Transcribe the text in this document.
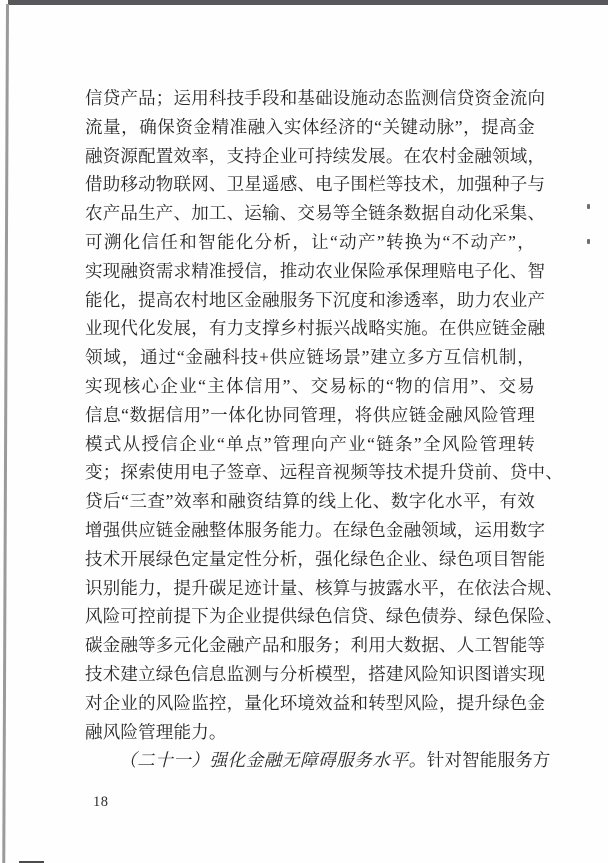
信贷产品；运用科技手段和基础设施动态监测信贷资金流向
流量，确保资金精准融入实体经济的“关键动脉”，提高金
融资源配置效率，支持企业可持续发展。在农村金融领域，
借助移动物联网、卫星遥感、电子围栏等技术，加强种子与
农产品生产、加工、运输、交易等全链条数据自动化采集、
可溯化信任和智能化分析，让“动产”转换为“不动产”，
实现融资需求精准授信，推动农业保险承保理赔电子化、智
能化，提高农村地区金融服务下沉度和渗透率，助力农业产
业现代化发展，有力支撑乡村振兴战略实施。在供应链金融
领域，通过“金融科技+供应链场景”建立多方互信机制，
实现核心企业“主体信用”、交易标的“物的信用”、交易
信息“数据信用”一体化协同管理，将供应链金融风险管理
模式从授信企业“单点”管理向产业“链条”全风险管理转
变；探索使用电子签章、远程音视频等技术提升贷前、贷中、
贷后“三查”效率和融资结算的线上化、数字化水平，有效
增强供应链金融整体服务能力。在绿色金融领域，运用数字
技术开展绿色定量定性分析，强化绿色企业、绿色项目智能
识别能力，提升碳足迹计量、核算与披露水平，在依法合规、
风险可控前提下为企业提供绿色信贷、绿色债券、绿色保险、
碳金融等多元化金融产品和服务；利用大数据、人工智能等
技术建立绿色信息监测与分析模型，搭建风险知识图谱实现
对企业的风险监控，量化环境效益和转型风险，提升绿色金
融风险管理能力。
（二十一）强化金融无障碍服务水平。针对智能服务方
18
